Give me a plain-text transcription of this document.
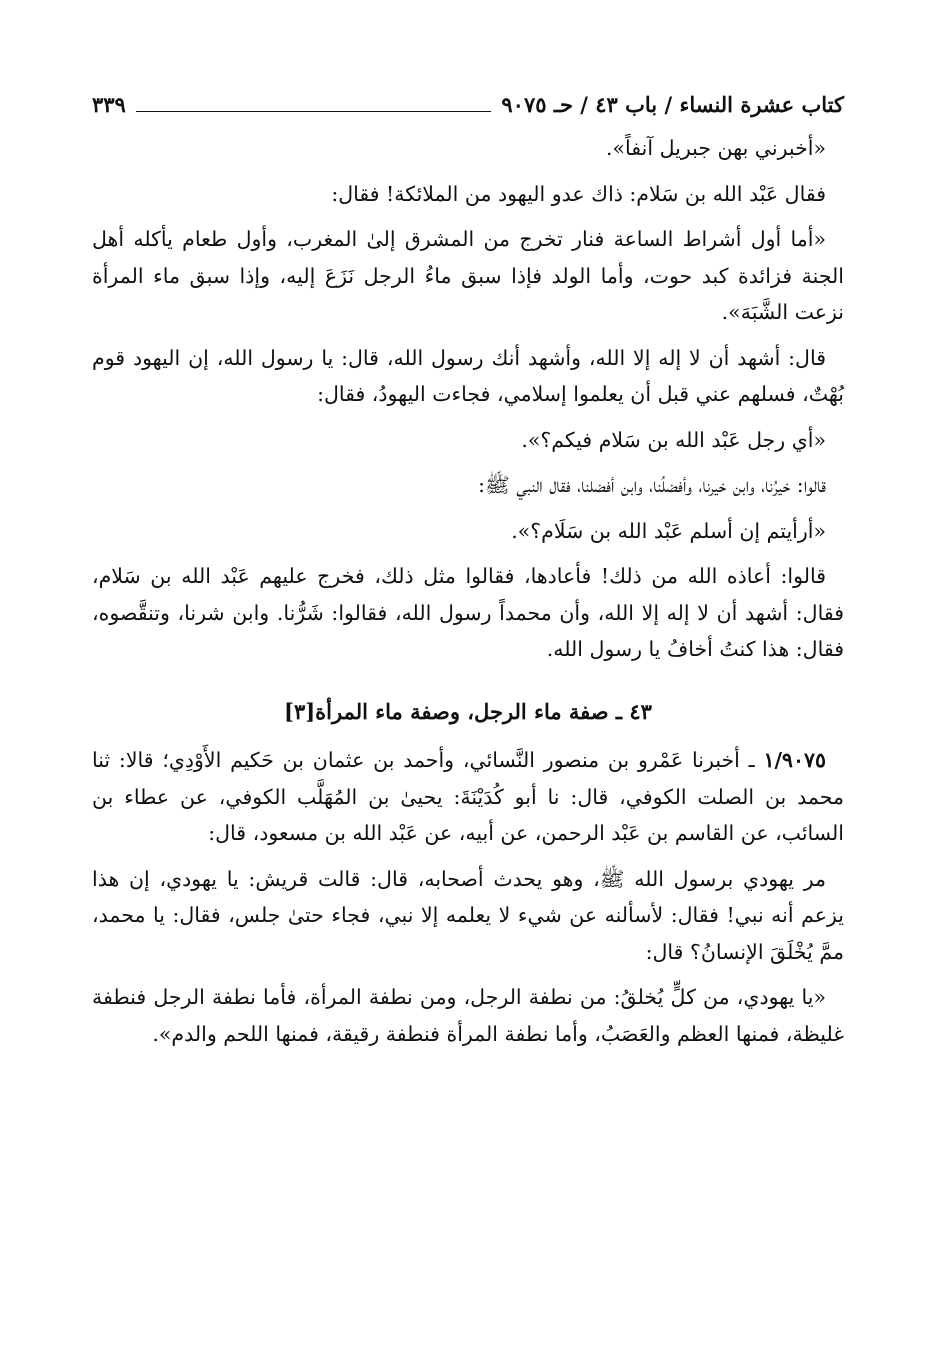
كتاب عشرة النساء / باب ٤٣ / حـ ٩٠٧٥
٣٣٩

«أخبرني بهن جبريل آنفاً».

فقال عَبْد الله بن سَلام: ذاك عدو اليهود من الملائكة! فقال:

«أما أول أشراط الساعة فنار تخرج من المشرق إلىٰ المغرب، وأول طعام يأكله أهل الجنة فزائدة كبد حوت، وأما الولد فإذا سبق ماءُ الرجل نَزَعَ إليه، وإذا سبق ماء المرأة نزعت الشَّبَهَ».

قال: أشهد أن لا إله إلا الله، وأشهد أنك رسول الله، قال: يا رسول الله، إن اليهود قوم بُهْتٌ، فسلهم عني قبل أن يعلموا إسلامي، فجاءت اليهودُ، فقال:

«أي رجل عَبْد الله بن سَلام فيكم؟».

قالوا: خيرُنا، وابن خيرنا، وأفضلُنا، وابن أفضلنا، فقال النبي ﷺ:

«أرأيتم إن أسلم عَبْد الله بن سَلَام؟».

قالوا: أعاذه الله من ذلك! فأعادها، فقالوا مثل ذلك، فخرج عليهم عَبْد الله بن سَلام، فقال: أشهد أن لا إله إلا الله، وأن محمداً رسول الله، فقالوا: شَرُّنا. وابن شرنا، وتنقَّصوه، فقال: هذا كنتُ أخافُ يا رسول الله.

٤٣ ـ صفة ماء الرجل، وصفة ماء المرأة[٣]

١/٩٠٧٥ ـ أخبرنا عَمْرو بن منصور النَّسائي، وأحمد بن عثمان بن حَكيم الأَوْدِي؛ قالا: ثنا محمد بن الصلت الكوفي، قال: نا أبو كُدَيْنَةَ: يحيىٰ بن المُهَلَّب الكوفي، عن عطاء بن السائب، عن القاسم بن عَبْد الرحمن، عن أبيه، عن عَبْد الله بن مسعود، قال:

مر يهودي برسول الله ﷺ، وهو يحدث أصحابه، قال: قالت قريش: يا يهودي، إن هذا يزعم أنه نبي! فقال: لأسألنه عن شيء لا يعلمه إلا نبي، فجاء حتىٰ جلس، فقال: يا محمد، ممَّ يُخْلَقَ الإنسانُ؟ قال:

«يا يهودي، من كلٍّ يُخلقُ: من نطفة الرجل، ومن نطفة المرأة، فأما نطفة الرجل فنطفة غليظة، فمنها العظم والعَصَبُ، وأما نطفة المرأة فنطفة رقيقة، فمنها اللحم والدم».
